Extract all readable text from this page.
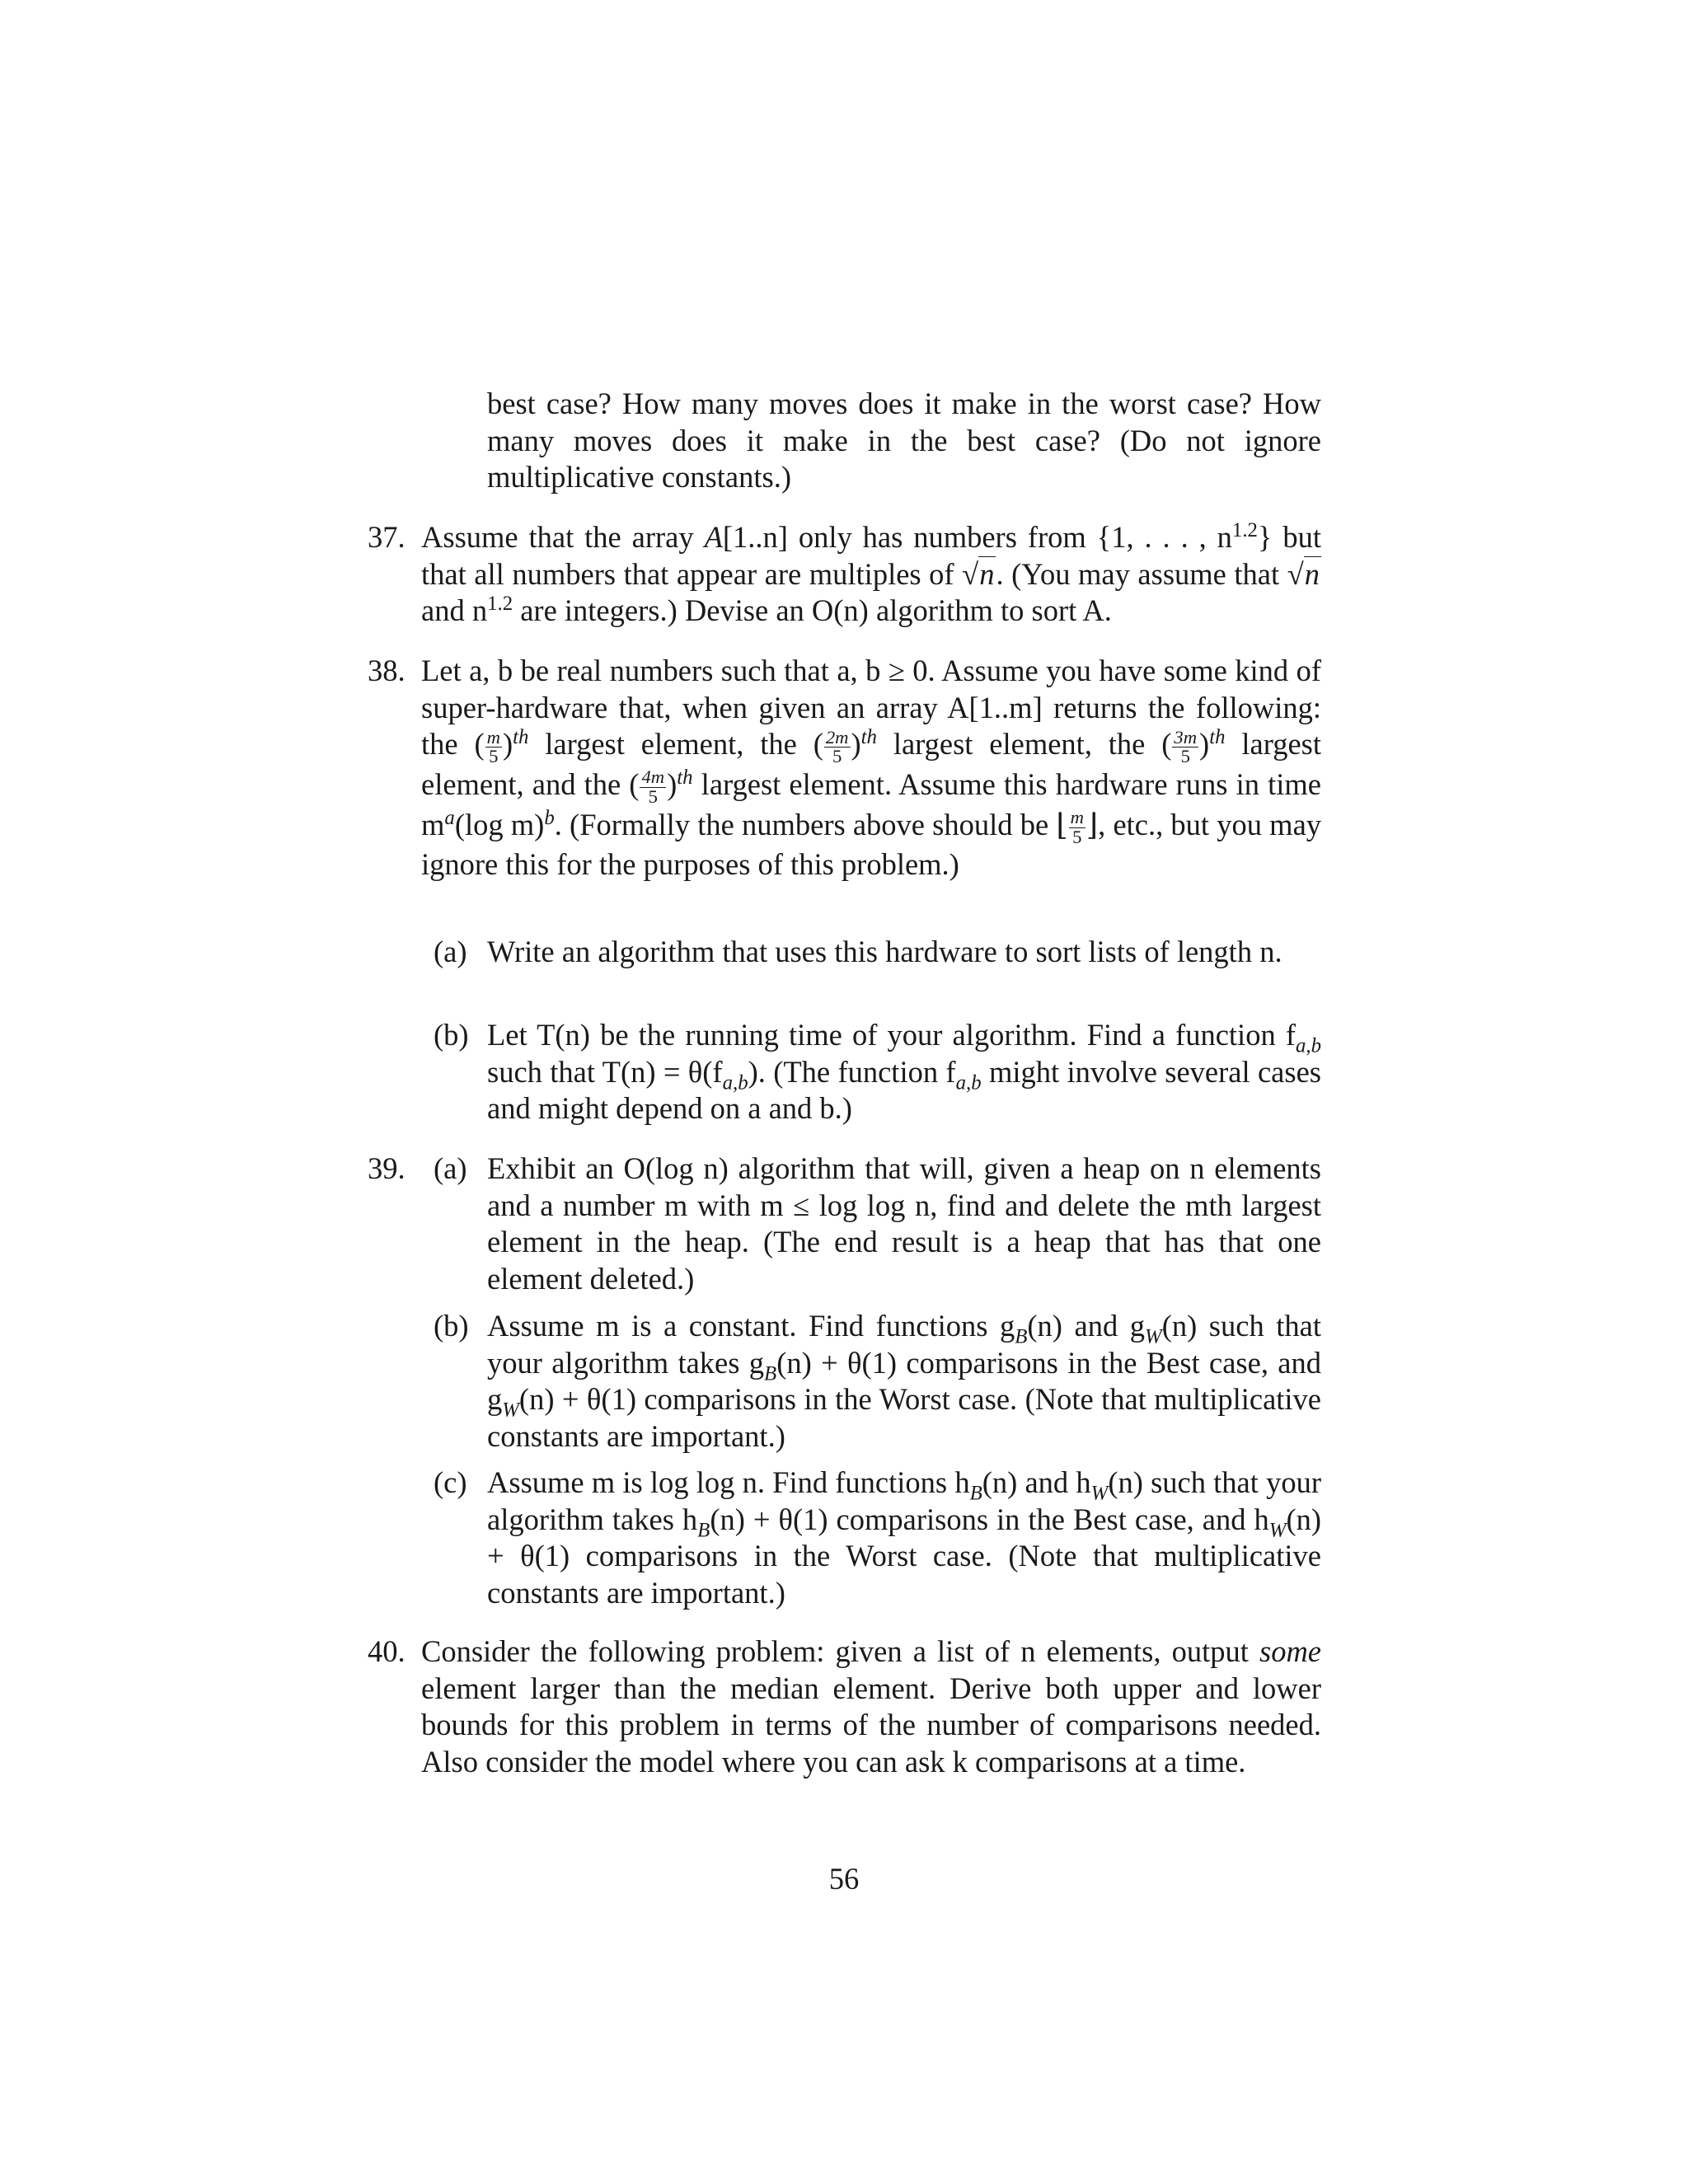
best case? How many moves does it make in the worst case? How many moves does it make in the best case? (Do not ignore multiplicative constants.)

37. Assume that the array A[1..n] only has numbers from {1, . . . , $n^{1.2}$} but that all numbers that appear are multiples of √n. (You may assume that √n and $n^{1.2}$ are integers.) Devise an O(n) algorithm to sort A.

38. Let a, b be real numbers such that a, b ≥ 0. Assume you have some kind of super-hardware that, when given an array A[1..m] returns the following: the ( $\frac{m}{5} )^{th}$ largest element, the ( $\frac{2m}{5} )^{th}$ largest element, the ( $\frac{3m}{5} )^{th}$ largest element, and the ( $\frac{4m}{5} )^{th}$ largest element. Assume this hardware runs in time $m^a(\log$ m)$^b$. (Formally the numbers above should be ⌊ $\frac{m}{5}$ ⌋, etc., but you may ignore this for the purposes of this problem.)

(a) Write an algorithm that uses this hardware to sort lists of length n.

(b) Let T(n) be the running time of your algorithm. Find a function $f_{a,b}$ such that $T(n) = \theta(f_{a,b})$. (The function $f_{a,b}$ might involve several cases and might depend on a and b.)

39. (a) Exhibit an O(log n) algorithm that will, given a heap on n elements and a number m with m ≤ log log n, find and delete the mth largest element in the heap. (The end result is a heap that has that one element deleted.)

(b) Assume m is a constant. Find functions $g_B(n)$ and $g_W(n)$ such that your algorithm takes $g_B(n) + \theta(1)$ comparisons in the Best case, and $g_W(n) + \theta(1)$ comparisons in the Worst case. (Note that multiplicative constants are important.)

(c) Assume m is log log n. Find functions $h_B(n)$ and $h_W(n)$ such that your algorithm takes $h_B(n) + \theta(1)$ comparisons in the Best case, and $h_W(n) + \theta(1)$ comparisons in the Worst case. (Note that multiplicative constants are important.)

40. Consider the following problem: given a list of n elements, output some element larger than the median element. Derive both upper and lower bounds for this problem in terms of the number of comparisons needed. Also consider the model where you can ask k comparisons at a time.

56
